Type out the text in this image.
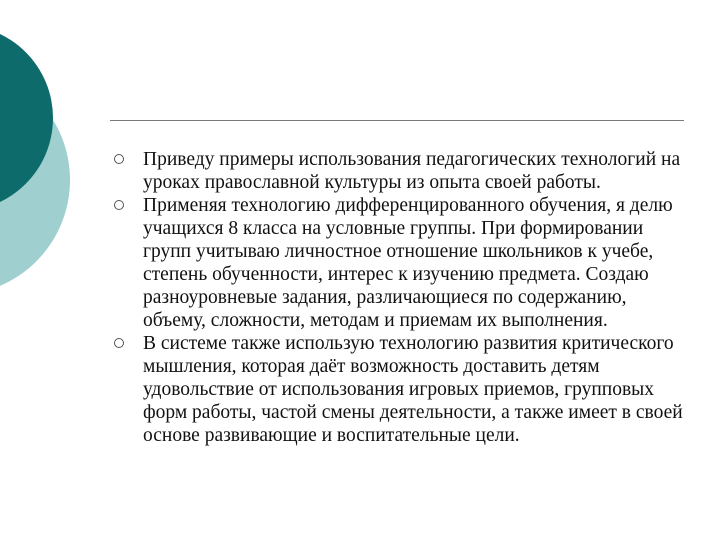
Приведу примеры использования педагогических технологий на уроках православной культуры из опыта своей работы.
Применяя технологию дифференцированного обучения, я делю учащихся 8 класса на условные группы. При формировании групп учитываю личностное отношение школьников к учебе, степень обученности, интерес к изучению предмета. Создаю разноуровневые задания, различающиеся по содержанию, объему, сложности, методам и приемам их выполнения.
В системе также использую технологию развития критического мышления, которая даёт возможность доставить детям удовольствие от использования игровых приемов, групповых форм работы, частой смены деятельности, а также имеет в своей основе развивающие и воспитательные цели.
